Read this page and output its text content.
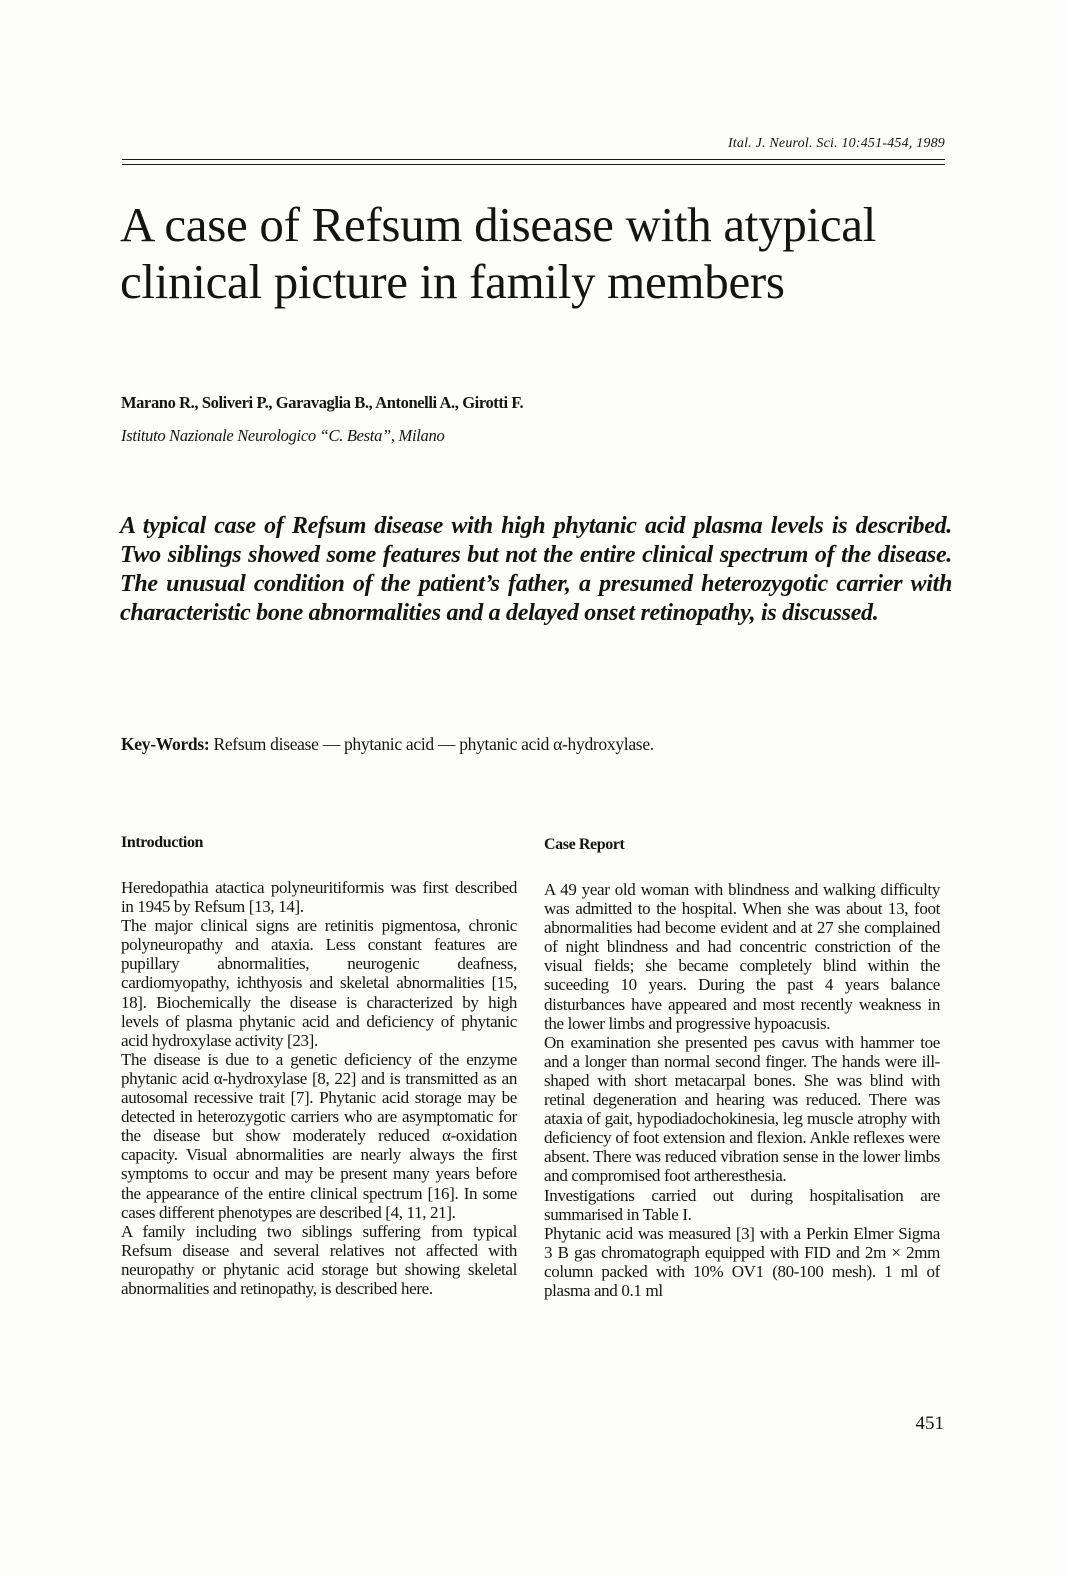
Ital. J. Neurol. Sci. 10:451-454, 1989
A case of Refsum disease with atypical clinical picture in family members
Marano R., Soliveri P., Garavaglia B., Antonelli A., Girotti F.
Istituto Nazionale Neurologico “C. Besta”, Milano

A typical case of Refsum disease with high phytanic acid plasma levels is described. Two siblings showed some features but not the entire clinical spectrum of the disease. The unusual condition of the patient’s father, a presumed heterozygotic carrier with characteristic bone abnormalities and a delayed onset retinopathy, is discussed.

Key-Words: Refsum disease — phytanic acid — phytanic acid α-hydroxylase.
Introduction

Heredopathia atactica polyneuritiformis was first described in 1945 by Refsum [13, 14].

The major clinical signs are retinitis pigmentosa, chronic polyneuropathy and ataxia. Less constant features are pupillary abnormalities, neurogenic deafness, cardiomyopathy, ichthyosis and skeletal abnormalities [15, 18]. Biochemically the disease is characterized by high levels of plasma phytanic acid and deficiency of phytanic acid hydroxylase activity [23].

The disease is due to a genetic deficiency of the enzyme phytanic acid α-hydroxylase [8, 22] and is transmitted as an autosomal recessive trait [7]. Phytanic acid storage may be detected in heterozygotic carriers who are asymptomatic for the disease but show moderately reduced α-oxidation capacity. Visual abnormalities are nearly always the first symptoms to occur and may be present many years before the appearance of the entire clinical spectrum [16]. In some cases different phenotypes are described [4, 11, 21].

A family including two siblings suffering from typical Refsum disease and several relatives not affected with neuropathy or phytanic acid storage but showing skeletal abnormalities and retinopathy, is described here.

Case Report

A 49 year old woman with blindness and walking difficulty was admitted to the hospital. When she was about 13, foot abnormalities had become evident and at 27 she complained of night blindness and had concentric constriction of the visual fields; she became completely blind within the suceeding 10 years. During the past 4 years balance disturbances have appeared and most recently weakness in the lower limbs and progressive hypoacusis.

On examination she presented pes cavus with hammer toe and a longer than normal second finger. The hands were ill-shaped with short metacarpal bones. She was blind with retinal degeneration and hearing was reduced. There was ataxia of gait, hypodiadochokinesia, leg muscle atrophy with deficiency of foot extension and flexion. Ankle reflexes were absent. There was reduced vibration sense in the lower limbs and compromised foot artheresthesia.

Investigations carried out during hospitalisation are summarised in Table I.

Phytanic acid was measured [3] with a Perkin Elmer Sigma 3 B gas chromatograph equipped with FID and 2m × 2mm column packed with 10% OV1 (80-100 mesh). 1 ml of plasma and 0.1 ml

451
